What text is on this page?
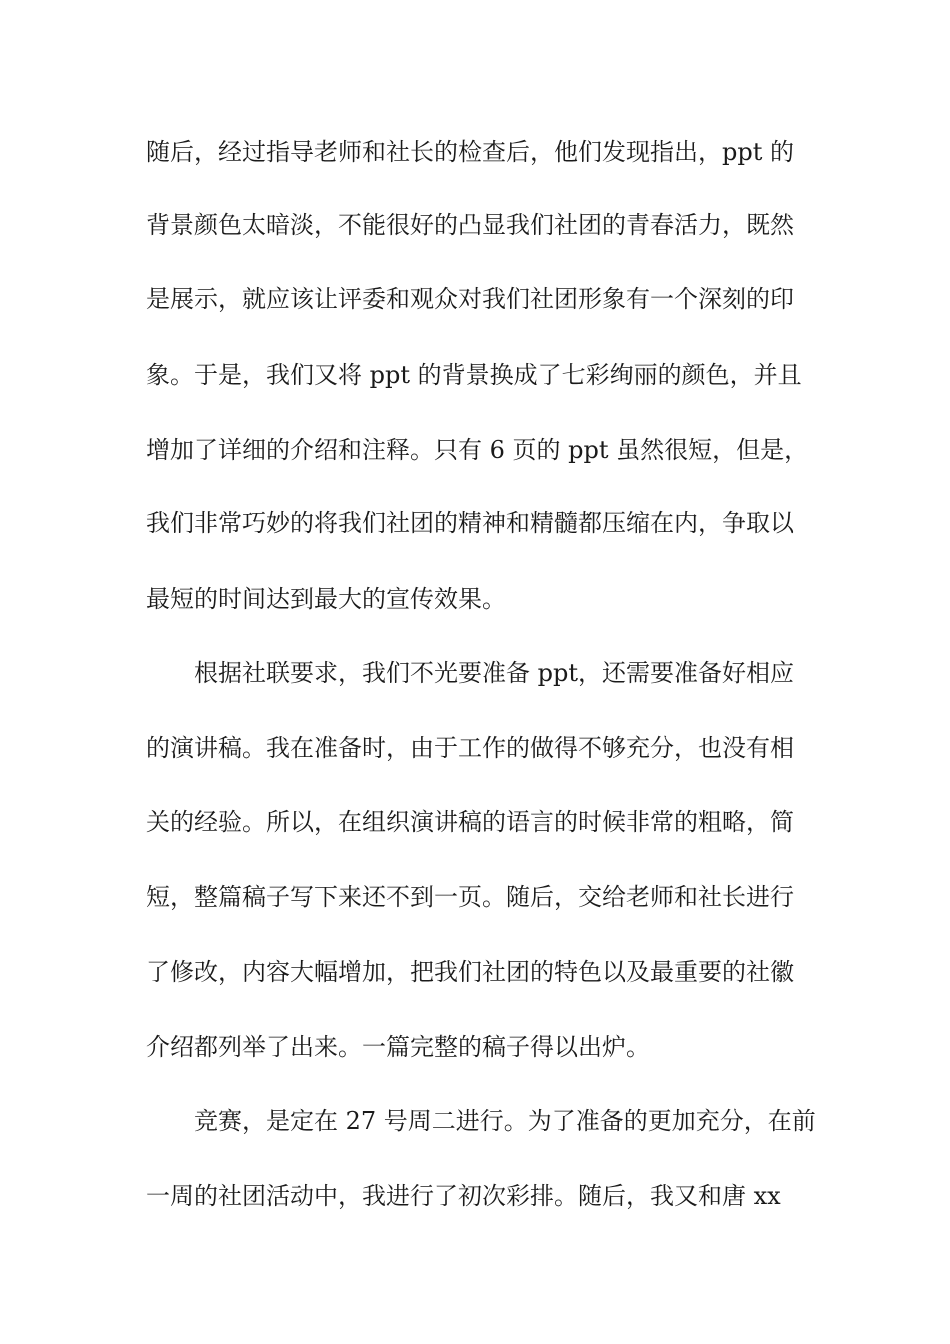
随后，经过指导老师和社长的检查后，他们发现指出，ppt 的
背景颜色太暗淡，不能很好的凸显我们社团的青春活力，既然
是展示，就应该让评委和观众对我们社团形象有一个深刻的印
象。于是，我们又将 ppt 的背景换成了七彩绚丽的颜色，并且
增加了详细的介绍和注释。只有 6 页的 ppt 虽然很短，但是，
我们非常巧妙的将我们社团的精神和精髓都压缩在内，争取以
最短的时间达到最大的宣传效果。
根据社联要求，我们不光要准备 ppt，还需要准备好相应
的演讲稿。我在准备时，由于工作的做得不够充分，也没有相
关的经验。所以，在组织演讲稿的语言的时候非常的粗略，简
短，整篇稿子写下来还不到一页。随后，交给老师和社长进行
了修改，内容大幅增加，把我们社团的特色以及最重要的社徽
介绍都列举了出来。一篇完整的稿子得以出炉。
竞赛，是定在 27 号周二进行。为了准备的更加充分，在前
一周的社团活动中，我进行了初次彩排。随后，我又和唐 xx
